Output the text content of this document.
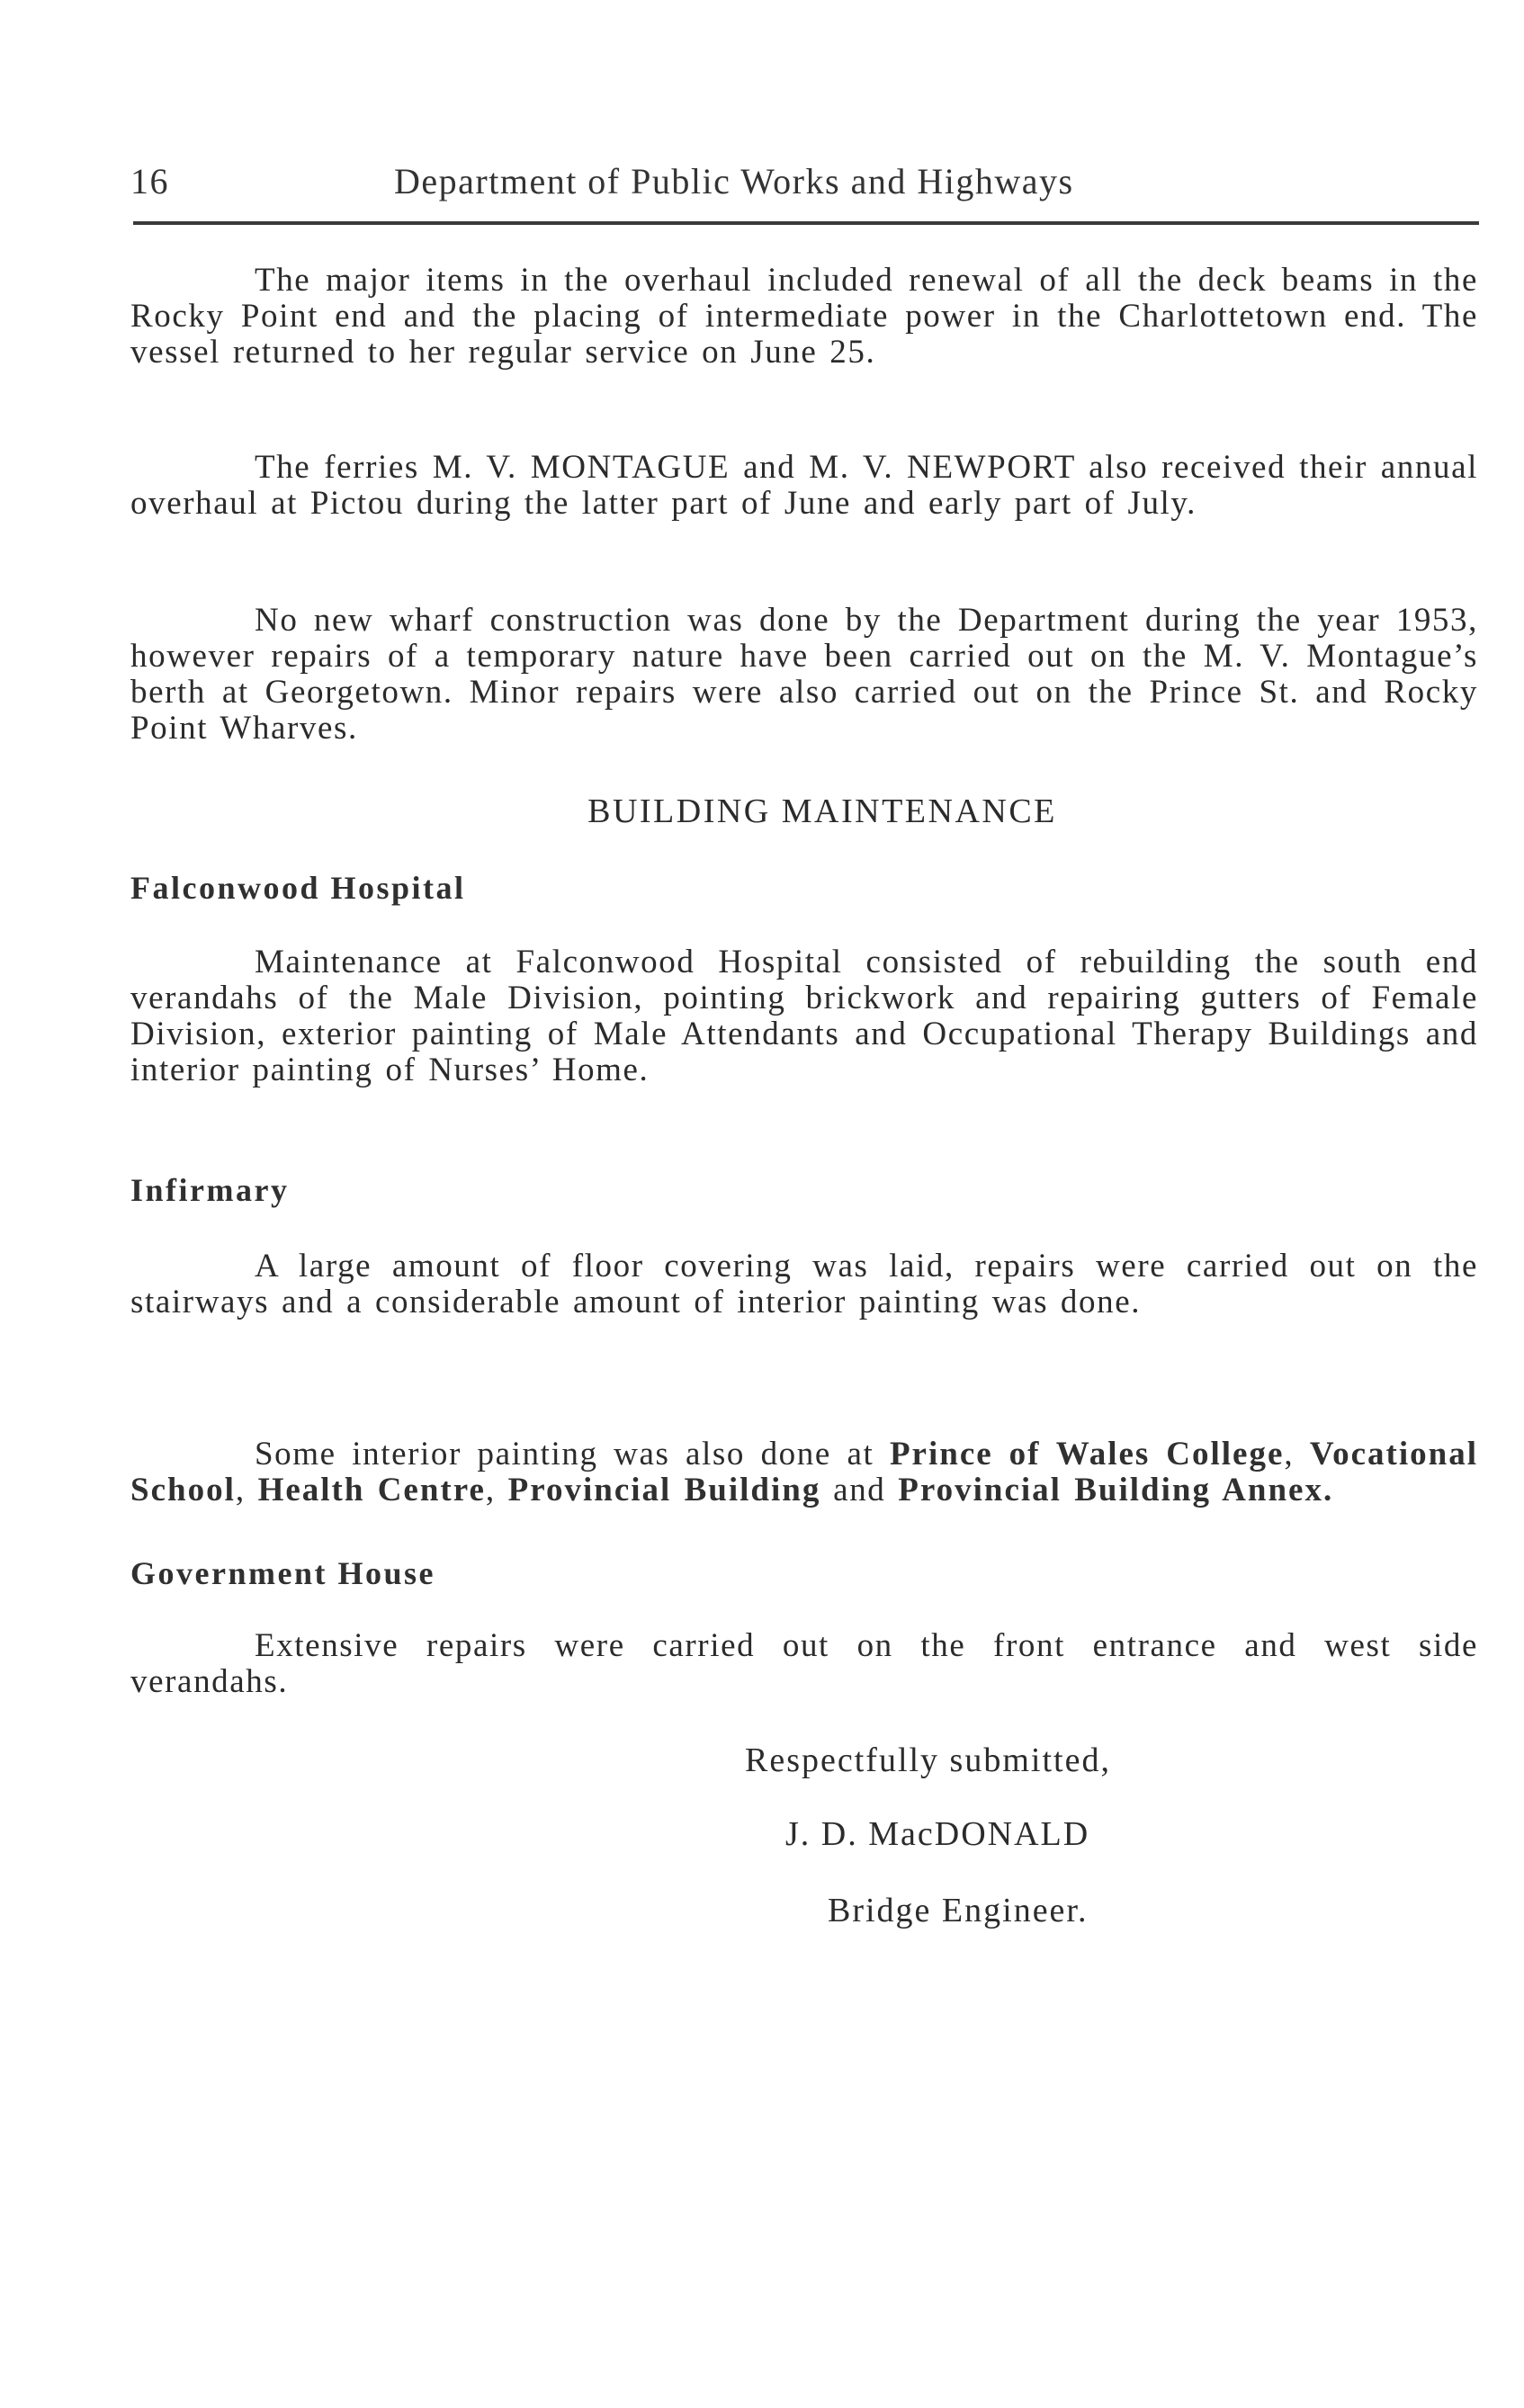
16	Department of Public Works and Highways

The major items in the overhaul included renewal of all the deck beams in the Rocky Point end and the placing of intermediate power in the Charlottetown end. The vessel returned to her regular service on June 25.

The ferries M. V. MONTAGUE and M. V. NEWPORT also received their annual overhaul at Pictou during the latter part of June and early part of July.

No new wharf construction was done by the Department during the year 1953, however repairs of a temporary nature have been carried out on the M. V. Montague’s berth at Georgetown. Minor repairs were also carried out on the Prince St. and Rocky Point Wharves.

BUILDING MAINTENANCE
Falconwood Hospital

Maintenance at Falconwood Hospital consisted of rebuilding the south end verandahs of the Male Division, pointing brickwork and repairing gutters of Female Division, exterior painting of Male Attendants and Occupational Therapy Buildings and interior painting of Nurses’ Home.

Infirmary

A large amount of floor covering was laid, repairs were carried out on the stairways and a considerable amount of interior painting was done.

Some interior painting was also done at Prince of Wales College, Vocational School, Health Centre, Provincial Building and Provincial Building Annex.

Government House

Extensive repairs were carried out on the front entrance and west side verandahs.

Respectfully submitted,
J. D. MacDONALD
Bridge Engineer.
